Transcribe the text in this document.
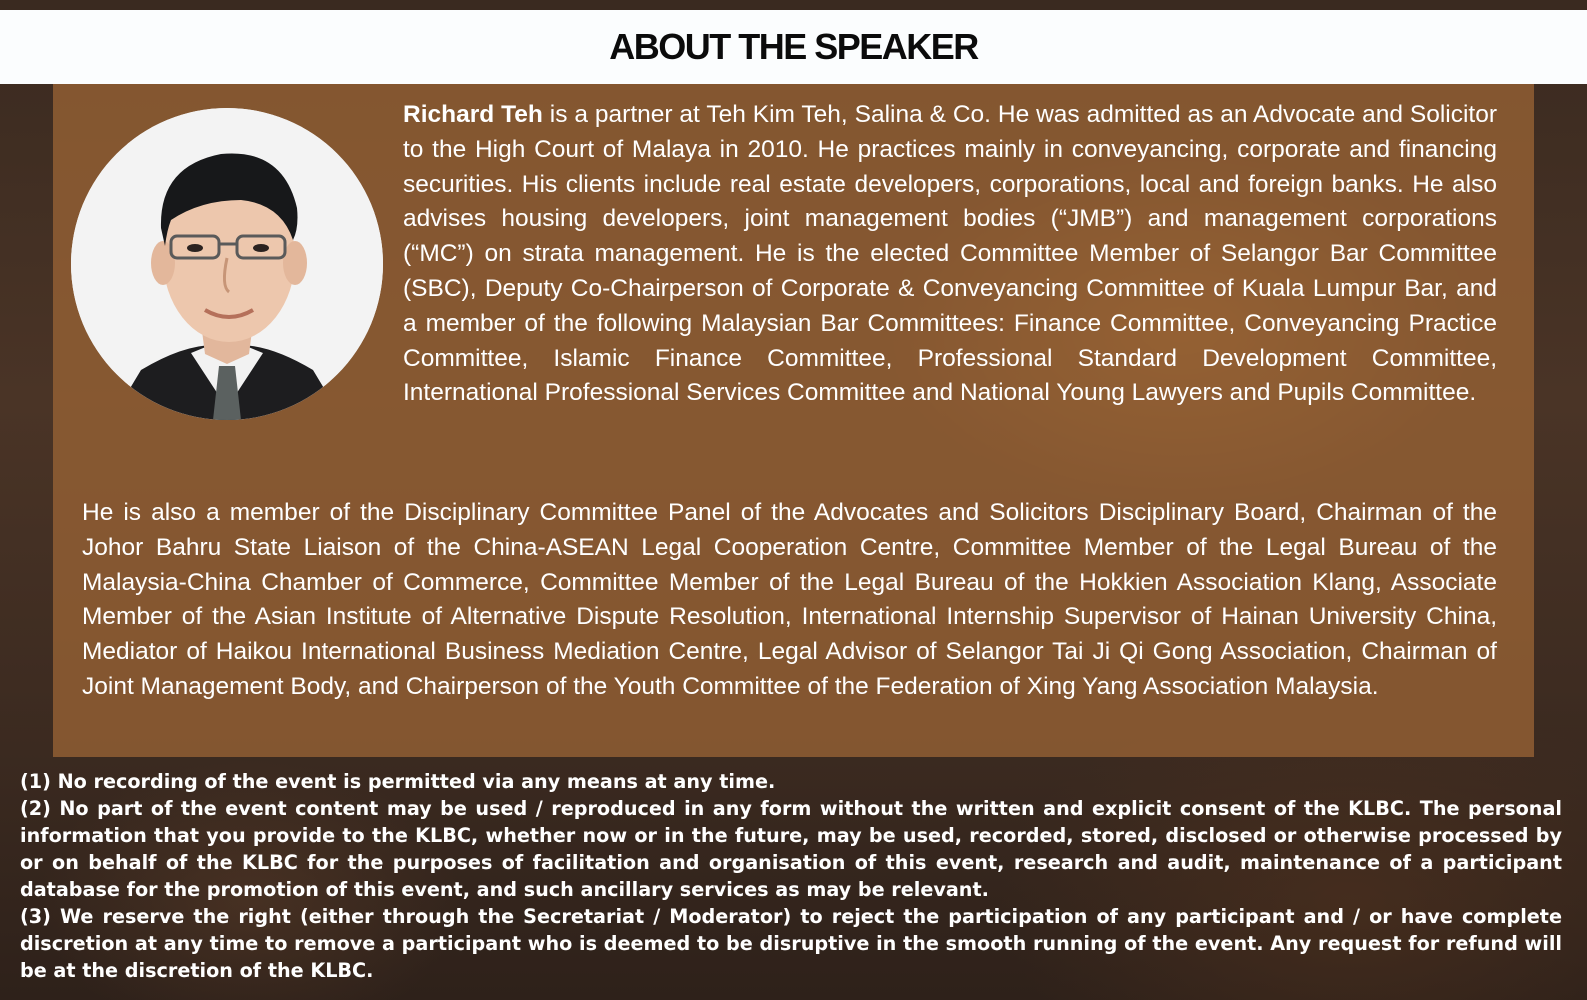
ABOUT THE SPEAKER
Richard Teh is a partner at Teh Kim Teh, Salina & Co. He was admitted as an Advocate and Solicitor to the High Court of Malaya in 2010. He practices mainly in conveyancing, corporate and financing securities. His clients include real estate developers, corporations, local and foreign banks. He also advises housing developers, joint management bodies (“JMB”) and management corporations (“MC”) on strata management. He is the elected Committee Member of Selangor Bar Committee (SBC), Deputy Co-Chairperson of Corporate & Conveyancing Committee of Kuala Lumpur Bar, and a member of the following Malaysian Bar Committees: Finance Committee, Conveyancing Practice Committee, Islamic Finance Committee, Professional Standard Development Committee, International Professional Services Committee and National Young Lawyers and Pupils Committee.
He is also a member of the Disciplinary Committee Panel of the Advocates and Solicitors Disciplinary Board, Chairman of the Johor Bahru State Liaison of the China-ASEAN Legal Cooperation Centre, Committee Member of the Legal Bureau of the Malaysia-China Chamber of Commerce, Committee Member of the Legal Bureau of the Hokkien Association Klang, Associate Member of the Asian Institute of Alternative Dispute Resolution, International Internship Supervisor of Hainan University China, Mediator of Haikou International Business Mediation Centre, Legal Advisor of Selangor Tai Ji Qi Gong Association, Chairman of Joint Management Body, and Chairperson of the Youth Committee of the Federation of Xing Yang Association Malaysia.

(1) No recording of the event is permitted via any means at any time.

(2) No part of the event content may be used / reproduced in any form without the written and explicit consent of the KLBC. The personal information that you provide to the KLBC, whether now or in the future, may be used, recorded, stored, disclosed or otherwise processed by or on behalf of the KLBC for the purposes of facilitation and organisation of this event, research and audit, maintenance of a participant database for the promotion of this event, and such ancillary services as may be relevant.

(3) We reserve the right (either through the Secretariat / Moderator) to reject the participation of any participant and / or have complete discretion at any time to remove a participant who is deemed to be disruptive in the smooth running of the event. Any request for refund will be at the discretion of the KLBC.
